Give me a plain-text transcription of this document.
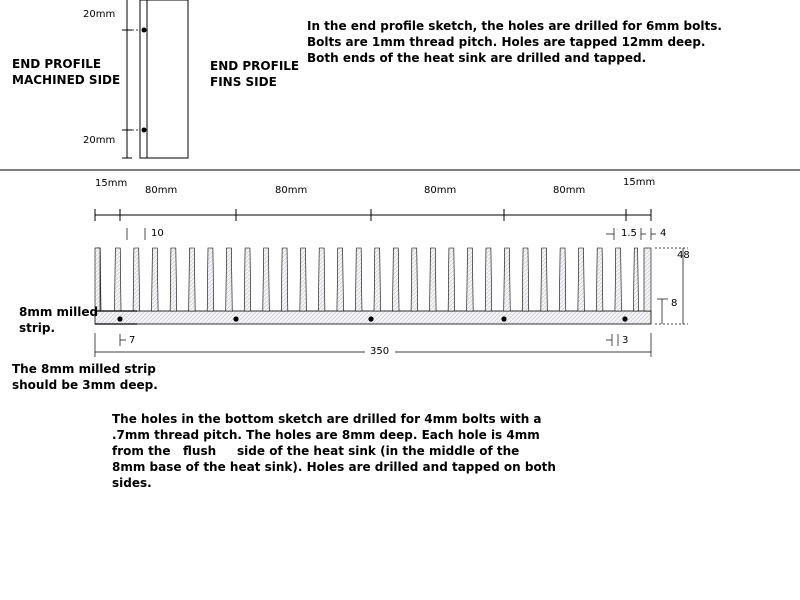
20mm
20mm
END PROFILE
MACHINED SIDE
END PROFILE
FINS SIDE
In the end profile sketch, the holes are drilled for 6mm bolts.
Bolts are 1mm thread pitch. Holes are tapped 12mm deep.
Both ends of the heat sink are drilled and tapped.
15mm
80mm	80mm	80mm	80mm
15mm
10	1.5 4
48
8
7	3
350
8mm milled
strip.
The 8mm milled strip
should be 3mm deep.
The holes in the bottom sketch are drilled for 4mm bolts with a
.7mm thread pitch. The holes are 8mm deep. Each hole is 4mm
from the   flush     side of the heat sink (in the middle of the
8mm base of the heat sink). Holes are drilled and tapped on both
sides.
